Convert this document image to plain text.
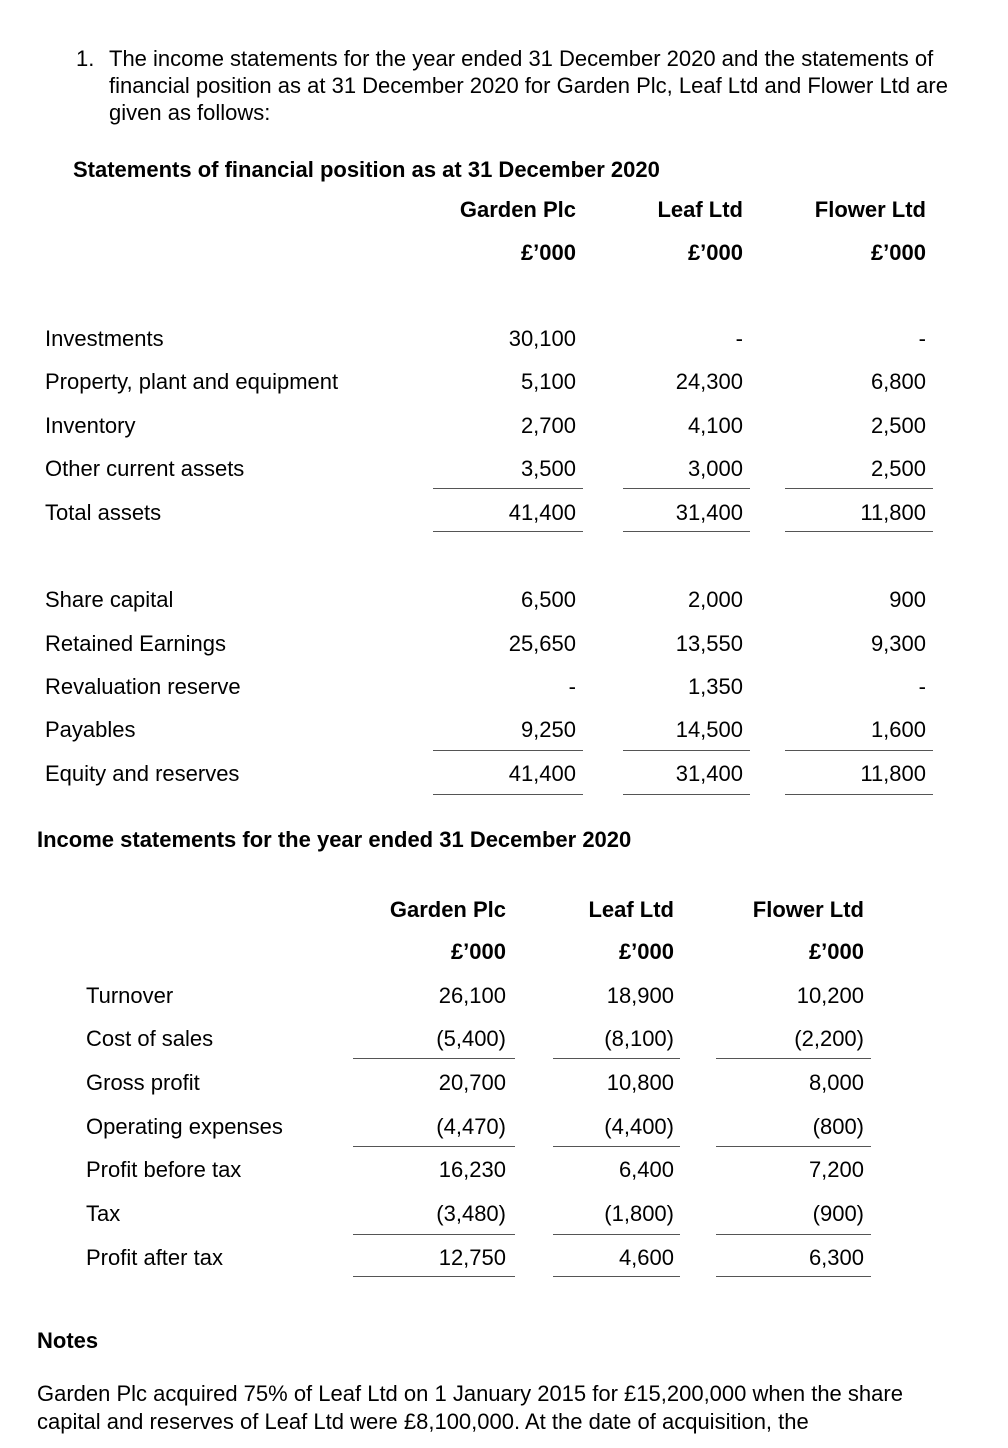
1. The income statements for the year ended 31 December 2020 and the statements of financial position as at 31 December 2020 for Garden Plc, Leaf Ltd and Flower Ltd are given as follows:
Statements of financial position as at 31 December 2020
Garden Plc	Leaf Ltd	Flower Ltd
£’000	£’000	£’000
Investments	30,100	-	-
Property, plant and equipment	5,100	24,300	6,800
Inventory	2,700	4,100	2,500
Other current assets	3,500	3,000	2,500
Total assets	41,400	31,400	11,800
Share capital	6,500	2,000	900
Retained Earnings	25,650	13,550	9,300
Revaluation reserve	-	1,350	-
Payables	9,250	14,500	1,600
Equity and reserves	41,400	31,400	11,800
Income statements for the year ended 31 December 2020
Garden Plc	Leaf Ltd	Flower Ltd
£’000	£’000	£’000
Turnover	26,100	18,900	10,200
Cost of sales	(5,400)	(8,100)	(2,200)
Gross profit	20,700	10,800	8,000
Operating expenses	(4,470)	(4,400)	(800)
Profit before tax	16,230	6,400	7,200
Tax	(3,480)	(1,800)	(900)
Profit after tax	12,750	4,600	6,300
Notes
Garden Plc acquired 75% of Leaf Ltd on 1 January 2015 for £15,200,000 when the share capital and reserves of Leaf Ltd were £8,100,000. At the date of acquisition, the
